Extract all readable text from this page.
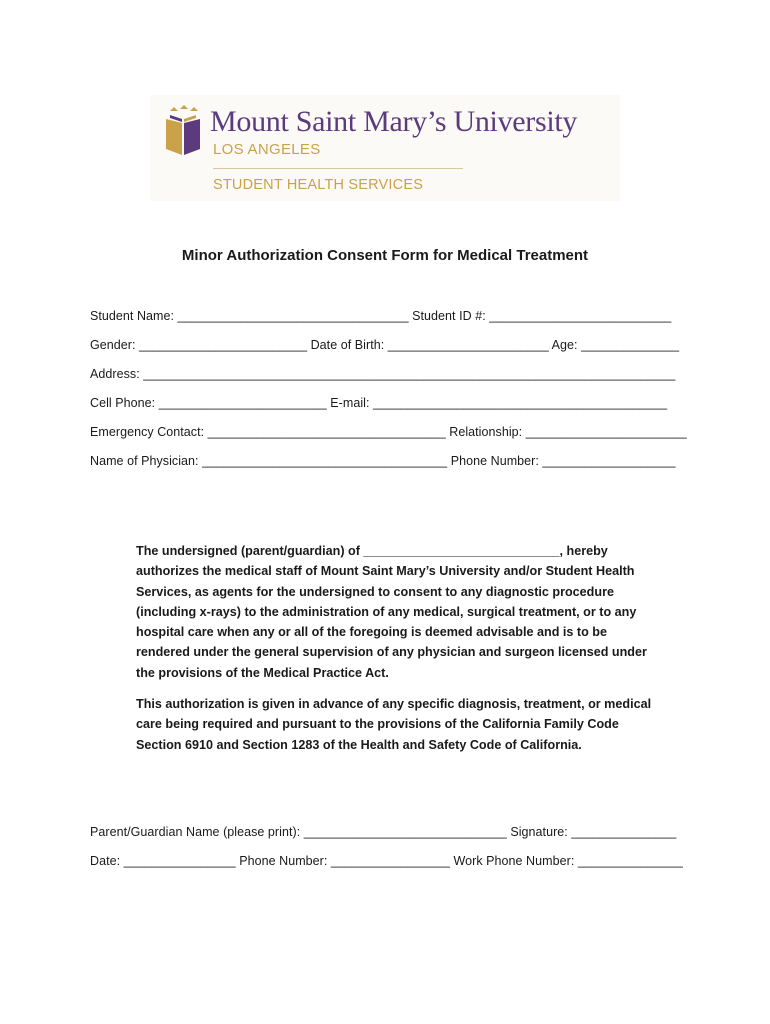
Mount Saint Mary’s University
LOS ANGELES
STUDENT HEALTH SERVICES
Minor Authorization Consent Form for Medical Treatment
Student Name: _________________________________ Student ID #: __________________________
Gender: ________________________ Date of Birth: _______________________ Age: ______________
Address: ____________________________________________________________________________
Cell Phone: ________________________ E-mail: __________________________________________
Emergency Contact: __________________________________ Relationship: _______________________
Name of Physician: ___________________________________ Phone Number: ___________________
The undersigned (parent/guardian) of ____________________________, hereby
authorizes the medical staff of Mount Saint Mary’s University and/or Student Health
Services, as agents for the undersigned to consent to any diagnostic procedure
(including x-rays) to the administration of any medical, surgical treatment, or to any
hospital care when any or all of the foregoing is deemed advisable and is to be
rendered under the general supervision of any physician and surgeon licensed under
the provisions of the Medical Practice Act.
This authorization is given in advance of any specific diagnosis, treatment, or medical
care being required and pursuant to the provisions of the California Family Code
Section 6910 and Section 1283 of the Health and Safety Code of California.
Parent/Guardian Name (please print): _____________________________ Signature: _______________
Date: ________________ Phone Number: _________________ Work Phone Number: _______________
